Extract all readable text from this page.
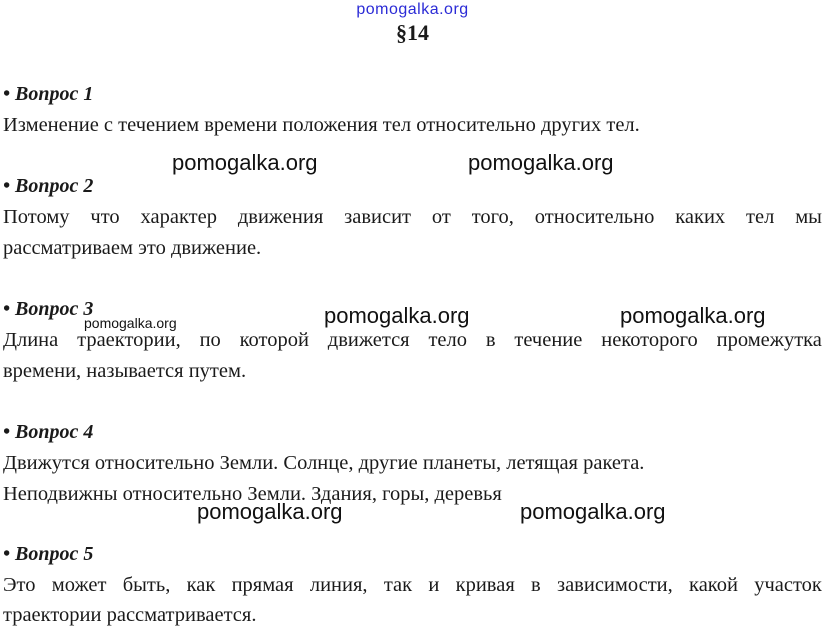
pomogalka.org
§14
• Вопрос 1
Изменение с течением времени положения тел относительно других тел.
pomogalka.org	pomogalka.org
• Вопрос 2
Потому что характер движения зависит от того, относительно каких тел мы
рассматриваем это движение.
• Вопрос 3
pomogalka.org	pomogalka.org	pomogalka.org
Длина траектории, по которой движется тело в течение некоторого промежутка
времени, называется путем.
• Вопрос 4
Движутся относительно Земли. Солнце, другие планеты, летящая ракета.
Неподвижны относительно Земли. Здания, горы, деревья
pomogalka.org	pomogalka.org
• Вопрос 5
Это может быть, как прямая линия, так и кривая в зависимости, какой участок
траектории рассматривается.
